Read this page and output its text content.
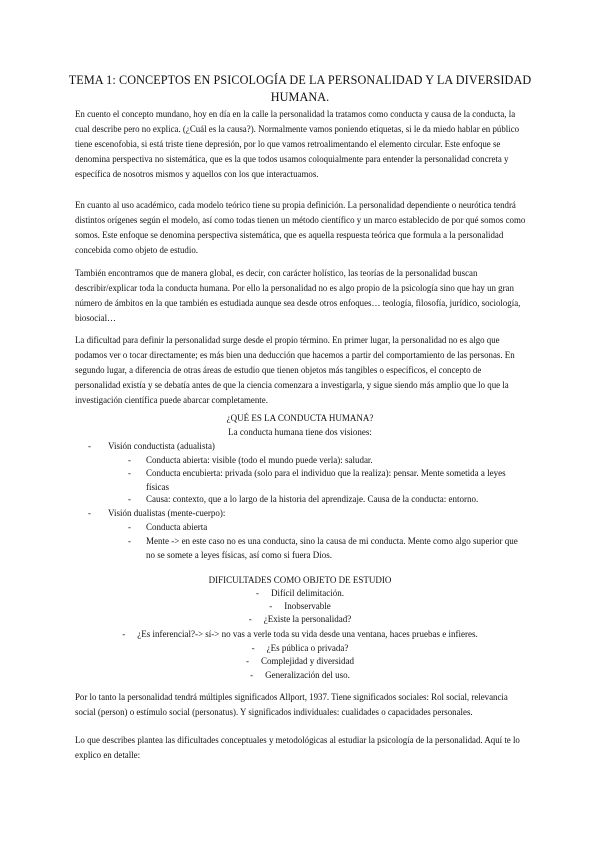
TEMA 1: CONCEPTOS EN PSICOLOGÍA DE LA PERSONALIDAD Y LA DIVERSIDAD HUMANA.

En cuento el concepto mundano, hoy en día en la calle la personalidad la tratamos como conducta y causa de la conducta, la cual describe pero no explica. (¿Cuál es la causa?). Normalmente vamos poniendo etiquetas, si le da miedo hablar en público tiene escenofobia, si está triste tiene depresión, por lo que vamos retroalimentando el elemento circular. Este enfoque se denomina perspectiva no sistemática, que es la que todos usamos coloquialmente para entender la personalidad concreta y específica de nosotros mismos y aquellos con los que interactuamos.

En cuanto al uso académico, cada modelo teórico tiene su propia definición. La personalidad dependiente o neurótica tendrá distintos orígenes según el modelo, así como todas tienen un método científico y un marco establecido de por qué somos como somos. Este enfoque se denomina perspectiva sistemática, que es aquella respuesta teórica que formula a la personalidad concebida como objeto de estudio.

También encontramos que de manera global, es decir, con carácter holístico, las teorías de la personalidad buscan describir/explicar toda la conducta humana. Por ello la personalidad no es algo propio de la psicología sino que hay un gran número de ámbitos en la que también es estudiada aunque sea desde otros enfoques… teología, filosofía, jurídico, sociología, biosocial…

La dificultad para definir la personalidad surge desde el propio término. En primer lugar, la personalidad no es algo que podamos ver o tocar directamente; es más bien una deducción que hacemos a partir del comportamiento de las personas. En segundo lugar, a diferencia de otras áreas de estudio que tienen objetos más tangibles o específicos, el concepto de personalidad existía y se debatía antes de que la ciencia comenzara a investigarla, y sigue siendo más amplio que lo que la investigación científica puede abarcar completamente.

¿QUÉ ES LA CONDUCTA HUMANA?
La conducta humana tiene dos visiones:
- Visión conductista (adualista)
-	Conducta abierta: visible (todo el mundo puede verla): saludar.
-	Conducta encubierta: privada (solo para el individuo que la realiza): pensar. Mente sometida a leyes físicas
-	Causa: contexto, que a lo largo de la historia del aprendizaje. Causa de la conducta: entorno.
- Visión dualistas (mente-cuerpo):
-	Conducta abierta
-	Mente -> en este caso no es una conducta, sino la causa de mi conducta. Mente como algo superior que no se somete a leyes físicas, así como si fuera Dios.
DIFICULTADES COMO OBJETO DE ESTUDIO
- Difícil delimitación.
- Inobservable
- ¿Existe la personalidad?
- ¿Es inferencial?-> sí-> no vas a verle toda su vida desde una ventana, haces pruebas e infieres.
- ¿Es pública o privada?
- Complejidad y diversidad
- Generalización del uso.

Por lo tanto la personalidad tendrá múltiples significados Allport, 1937. Tiene significados sociales: Rol social, relevancia social (person) o estímulo social (personatus). Y significados individuales: cualidades o capacidades personales.

Lo que describes plantea las dificultades conceptuales y metodológicas al estudiar la psicología de la personalidad. Aquí te lo explico en detalle:
